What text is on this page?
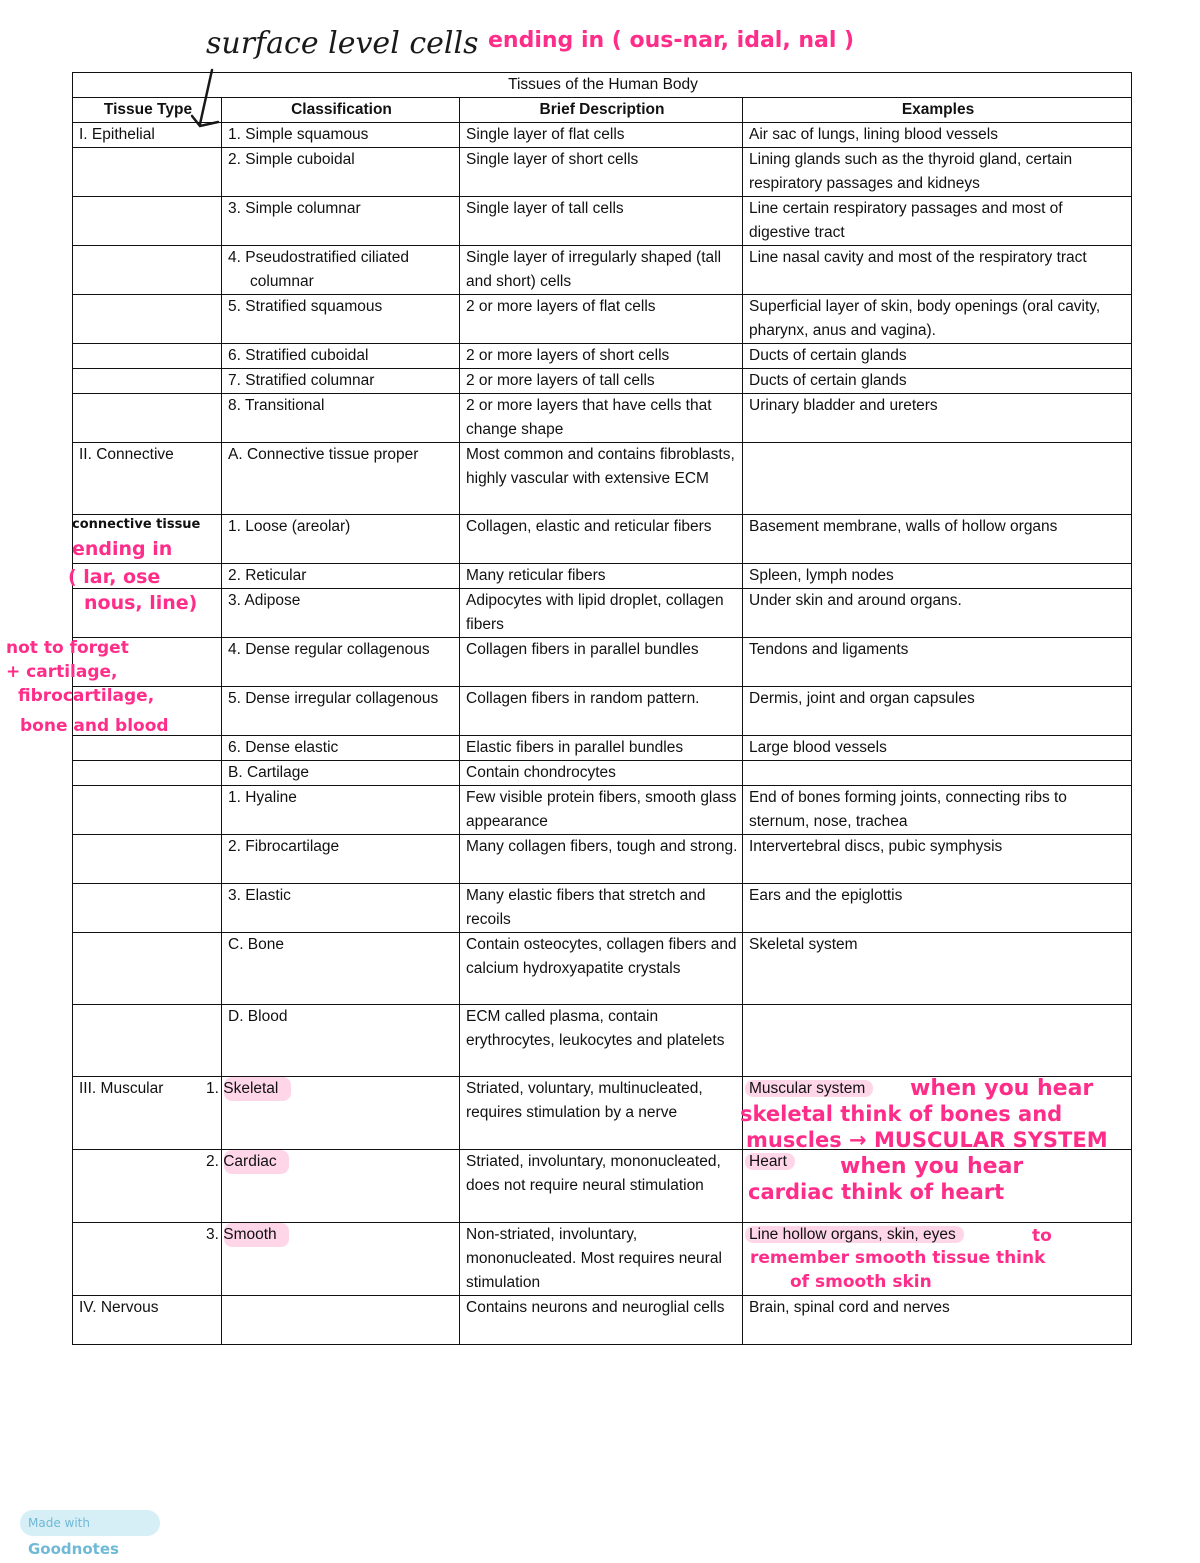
surface level cells ending in ( ous-nar, idal, nal )
Tissues of the Human Body			
Tissue Type	Classification	Brief Description	Examples
I. Epithelial	1. Simple squamous	Single layer of flat cells	Air sac of lungs, lining blood vessels
	2. Simple cuboidal	Single layer of short cells	Lining glands such as the thyroid gland, certain respiratory passages and kidneys
	3. Simple columnar	Single layer of tall cells	Line certain respiratory passages and most of digestive tract
	4. Pseudostratified ciliated columnar	Single layer of irregularly shaped (tall and short) cells	Line nasal cavity and most of the respiratory tract
	5. Stratified squamous	2 or more layers of flat cells	Superficial layer of skin, body openings (oral cavity, pharynx, anus and vagina).
	6. Stratified cuboidal	2 or more layers of short cells	Ducts of certain glands
	7. Stratified columnar	2 or more layers of tall cells	Ducts of certain glands
	8. Transitional	2 or more layers that have cells that change shape	Urinary bladder and ureters
II. Connective	A. Connective tissue proper	Most common and contains fibroblasts, highly vascular with extensive ECM	
	1. Loose (areolar)	Collagen, elastic and reticular fibers	Basement membrane, walls of hollow organs
	2. Reticular	Many reticular fibers	Spleen, lymph nodes
	3. Adipose	Adipocytes with lipid droplet, collagen fibers	Under skin and around organs.
	4. Dense regular collagenous	Collagen fibers in parallel bundles	Tendons and ligaments
	5. Dense irregular collagenous	Collagen fibers in random pattern.	Dermis, joint and organ capsules
	6. Dense elastic	Elastic fibers in parallel bundles	Large blood vessels
	B. Cartilage	Contain chondrocytes	
	1. Hyaline	Few visible protein fibers, smooth glass appearance	End of bones forming joints, connecting ribs to sternum, nose, trachea
	2. Fibrocartilage	Many collagen fibers, tough and strong.	Intervertebral discs, pubic symphysis
	3. Elastic	Many elastic fibers that stretch and recoils	Ears and the epiglottis
	C. Bone	Contain osteocytes, collagen fibers and calcium hydroxyapatite crystals	Skeletal system
	D. Blood	ECM called plasma, contain erythrocytes, leukocytes and platelets	
III. Muscular	1. Skeletal	Striated, voluntary, multinucleated, requires stimulation by a nerve	Muscular system
	2. Cardiac	Striated, involuntary, mononucleated, does not require neural stimulation	Heart
	3. Smooth	Non-striated, involuntary, mononucleated. Most requires neural stimulation	Line hollow organs, skin, eyes
IV. Nervous		Contains neurons and neuroglial cells	Brain, spinal cord and nerves
connective tissue
ending in
( lar, ose
nous, line)
not to forget
+ cartilage,
fibrocartilage,
bone and blood
when you hear
skeletal think of bones and
muscles → MUSCULAR SYSTEM
when you hear
cardiac think of heart
to
remember smooth tissue think
of smooth skin
Made with Goodnotes
